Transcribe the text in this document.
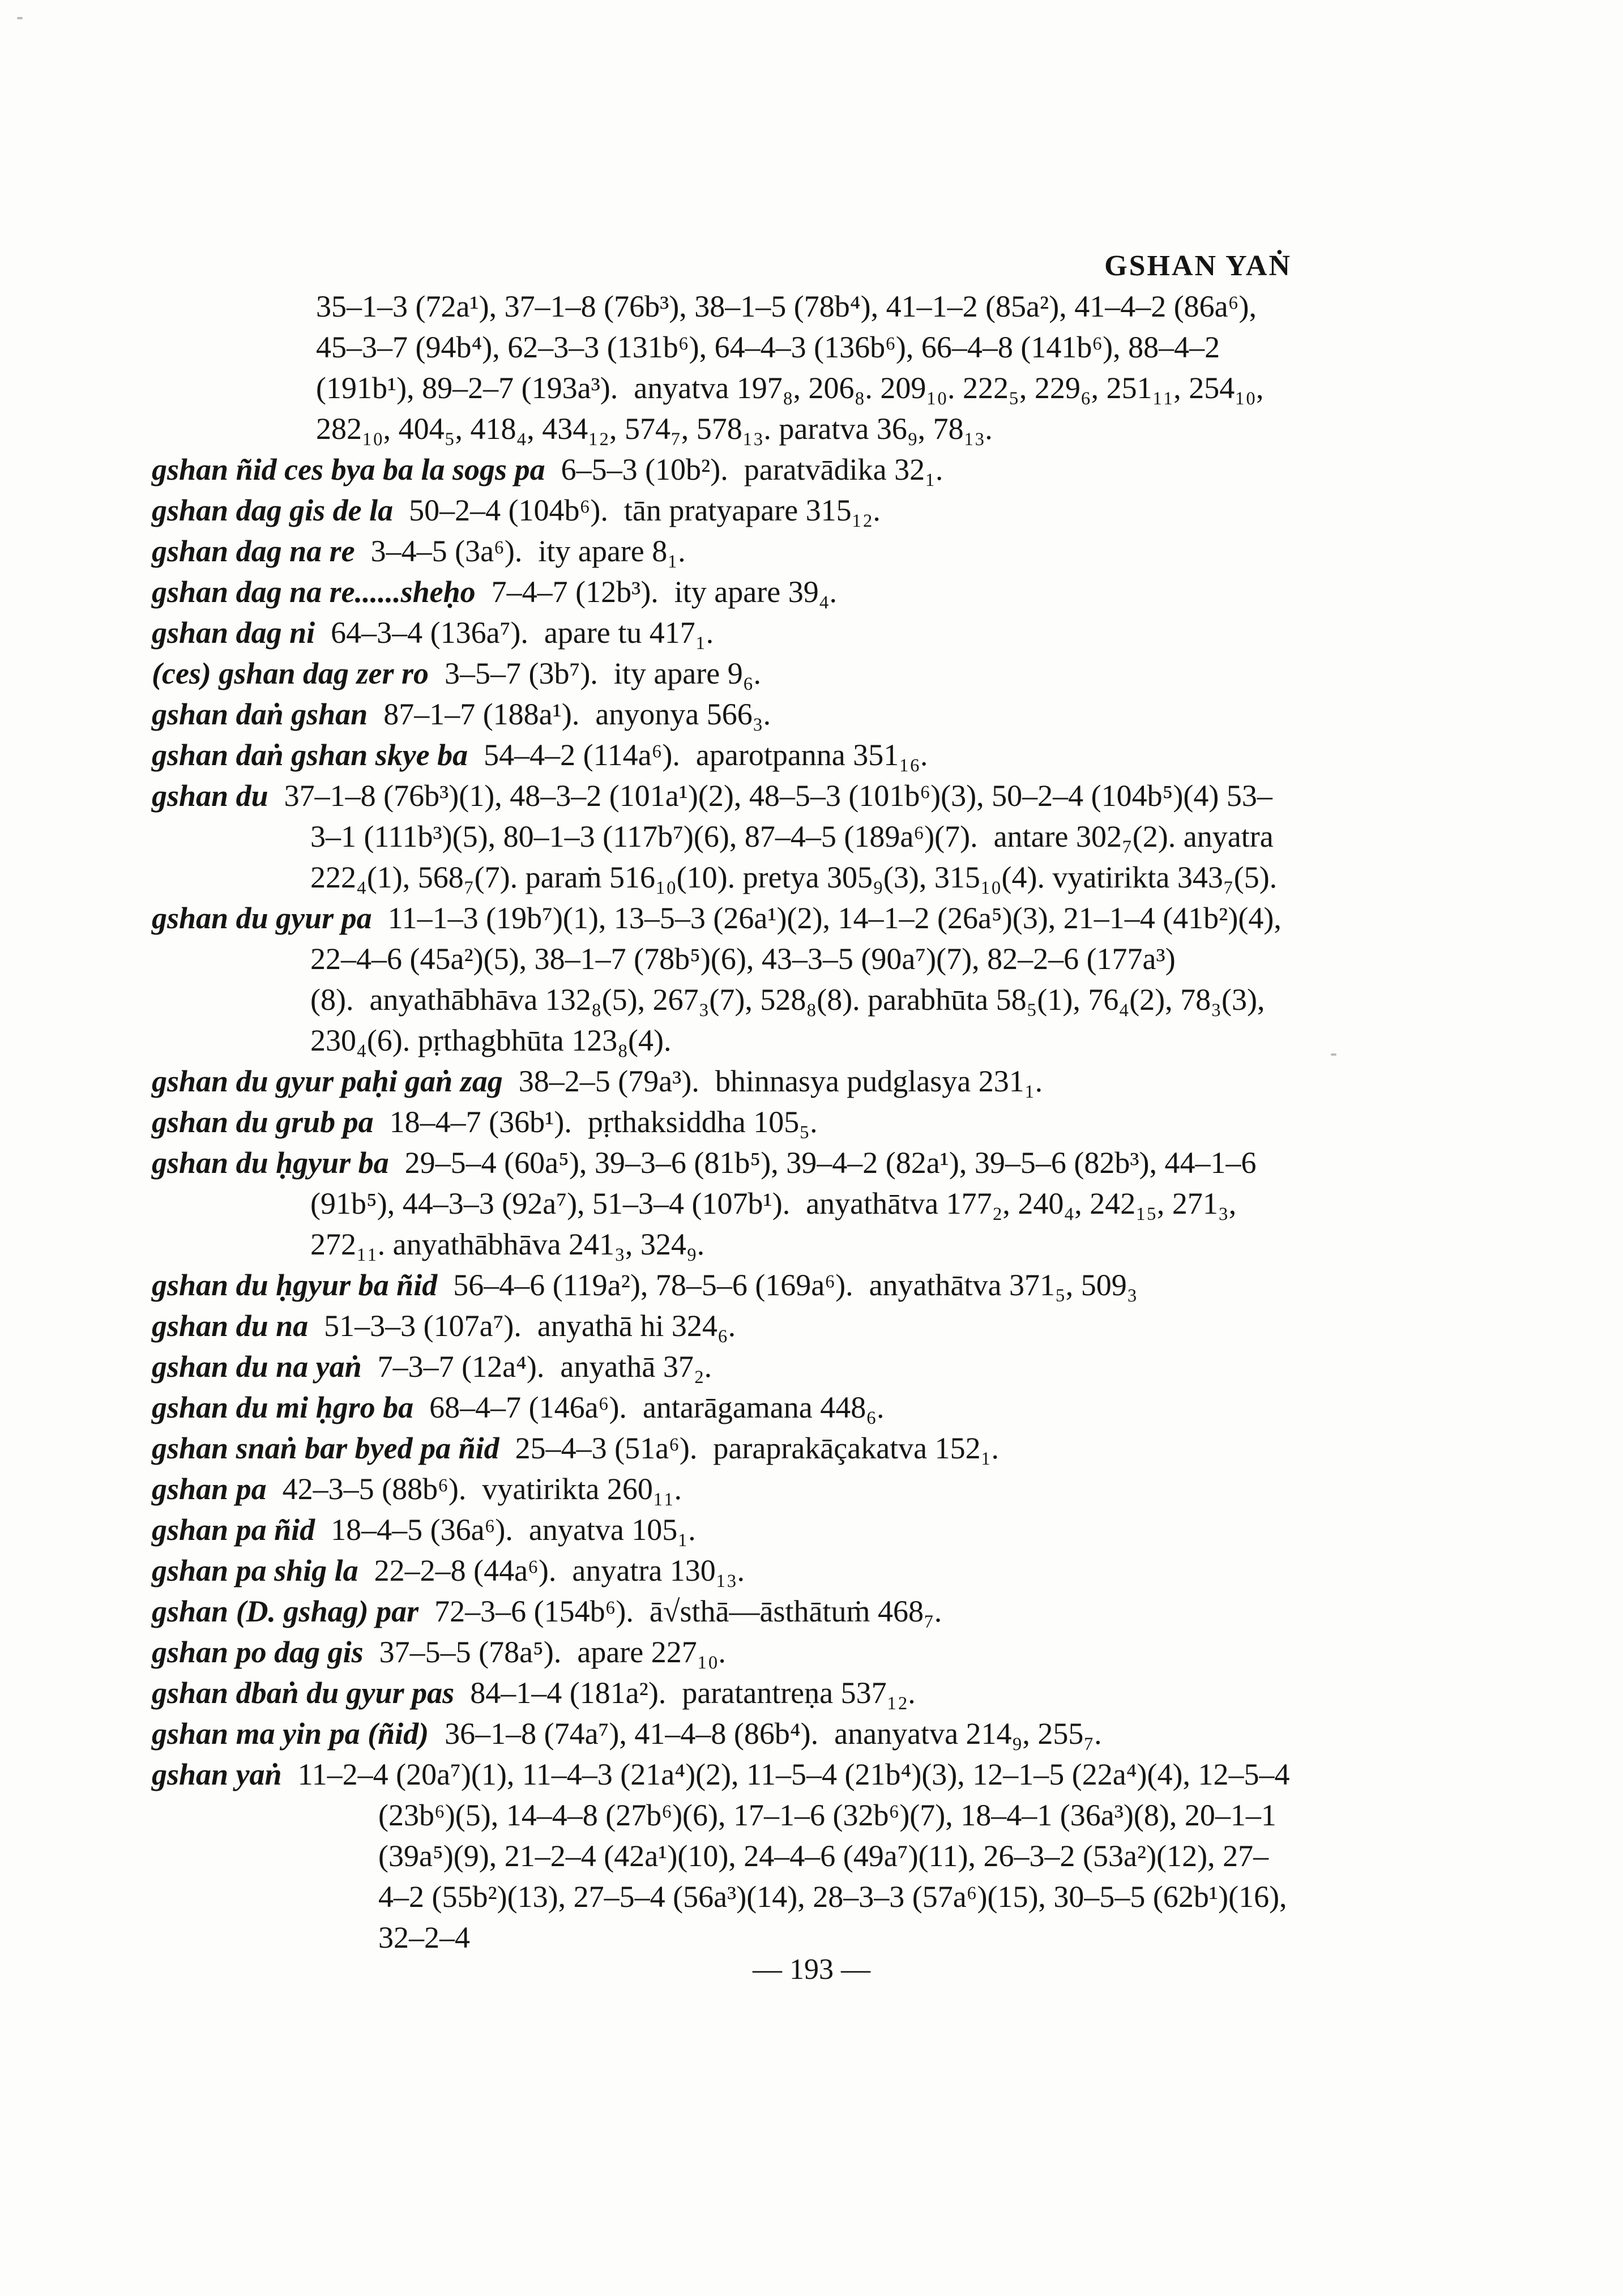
GSHAN YAṄ
35–1–3 (72a¹), 37–1–8 (76b³), 38–1–5 (78b⁴), 41–1–2 (85a²), 41–4–2 (86a⁶), 45–3–7 (94b⁴), 62–3–3 (131b⁶), 64–4–3 (136b⁶), 66–4–8 (141b⁶), 88–4–2 (191b¹), 89–2–7 (193a³). anyatva 197₈, 206₈. 209₁₀. 222₅, 229₆, 251₁₁, 254₁₀, 282₁₀, 404₅, 418₄, 434₁₂, 574₇, 578₁₃. paratva 36₉, 78₁₃.
gshan ñid ces bya ba la sogs pa 6–5–3 (10b²). paratvādika 32₁.
gshan dag gis de la 50–2–4 (104b⁶). tān pratyapare 315₁₂.
gshan dag na re 3–4–5 (3a⁶). ity apare 8₁.
gshan dag na re......sheḥo 7–4–7 (12b³). ity apare 39₄.
gshan dag ni 64–3–4 (136a⁷). apare tu 417₁.
(ces) gshan dag zer ro 3–5–7 (3b⁷). ity apare 9₆.
gshan daṅ gshan 87–1–7 (188a¹). anyonya 566₃.
gshan daṅ gshan skye ba 54–4–2 (114a⁶). aparotpanna 351₁₆.
gshan du 37–1–8 (76b³)(1), 48–3–2 (101a¹)(2), 48–5–3 (101b⁶)(3), 50–2–4 (104b⁵)(4) 53–3–1 (111b³)(5), 80–1–3 (117b⁷)(6), 87–4–5 (189a⁶)(7). antare 302₇(2). anyatra 222₄(1), 568₇(7). paraṁ 516₁₀(10). pretya 305₉(3), 315₁₀(4). vyatirikta 343₇(5).
gshan du gyur pa 11–1–3 (19b⁷)(1), 13–5–3 (26a¹)(2), 14–1–2 (26a⁵)(3), 21–1–4 (41b²)(4), 22–4–6 (45a²)(5), 38–1–7 (78b⁵)(6), 43–3–5 (90a⁷)(7), 82–2–6 (177a³)(8). anyathābhāva 132₈(5), 267₃(7), 528₈(8). parabhūta 58₅(1), 76₄(2), 78₃(3), 230₄(6). pṛthagbhūta 123₈(4).
gshan du gyur paḥi gaṅ zag 38–2–5 (79a³). bhinnasya pudglasya 231₁.
gshan du grub pa 18–4–7 (36b¹). pṛthaksiddha 105₅.
gshan du ḥgyur ba 29–5–4 (60a⁵), 39–3–6 (81b⁵), 39–4–2 (82a¹), 39–5–6 (82b³), 44–1–6 (91b⁵), 44–3–3 (92a⁷), 51–3–4 (107b¹). anyathātva 177₂, 240₄, 242₁₅, 271₃, 272₁₁. anyathābhāva 241₃, 324₉.
gshan du ḥgyur ba ñid 56–4–6 (119a²), 78–5–6 (169a⁶). anyathātva 371₅, 509₃
gshan du na 51–3–3 (107a⁷). anyathā hi 324₆.
gshan du na yaṅ 7–3–7 (12a⁴). anyathā 37₂.
gshan du mi ḥgro ba 68–4–7 (146a⁶). antarāgamana 448₆.
gshan snaṅ bar byed pa ñid 25–4–3 (51a⁶). paraprakāçakatva 152₁.
gshan pa 42–3–5 (88b⁶). vyatirikta 260₁₁.
gshan pa ñid 18–4–5 (36a⁶). anyatva 105₁.
gshan pa shig la 22–2–8 (44a⁶). anyatra 130₁₃.
gshan (D. gshag) par 72–3–6 (154b⁶). ā√sthā—āsthātuṁ 468₇.
gshan po dag gis 37–5–5 (78a⁵). apare 227₁₀.
gshan dbaṅ du gyur pas 84–1–4 (181a²). paratantreṇa 537₁₂.
gshan ma yin pa (ñid) 36–1–8 (74a⁷), 41–4–8 (86b⁴). ananyatva 214₉, 255₇.
gshan yaṅ 11–2–4 (20a⁷)(1), 11–4–3 (21a⁴)(2), 11–5–4 (21b⁴)(3), 12–1–5 (22a⁴)(4), 12–5–4 (23b⁶)(5), 14–4–8 (27b⁶)(6), 17–1–6 (32b⁶)(7), 18–4–1 (36a³)(8), 20–1–1 (39a⁵)(9), 21–2–4 (42a¹)(10), 24–4–6 (49a⁷)(11), 26–3–2 (53a²)(12), 27–4–2 (55b²)(13), 27–5–4 (56a³)(14), 28–3–3 (57a⁶)(15), 30–5–5 (62b¹)(16), 32–2–4
— 193 —
